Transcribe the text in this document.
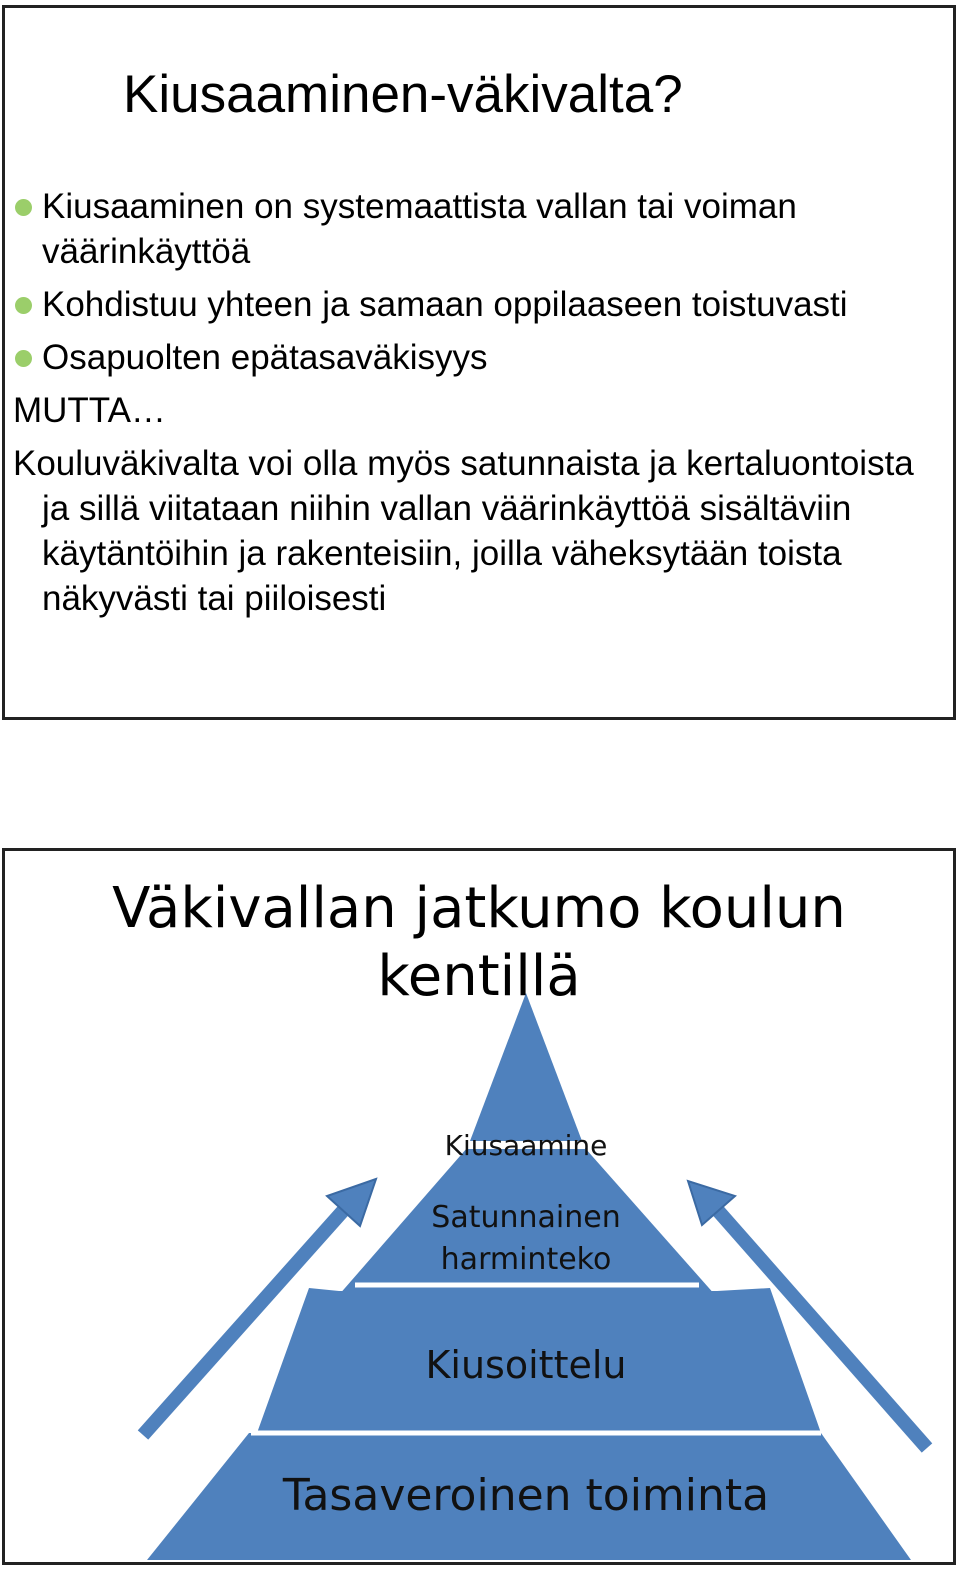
Kiusaaminen-väkivalta?
Kiusaaminen on systemaattista vallan tai voiman väärinkäyttöä
Kohdistuu yhteen ja samaan oppilaaseen toistuvasti
Osapuolten epätasaväkisyys
MUTTA…
Kouluväkivalta voi olla myös satunnaista ja kertaluontoista ja sillä viitataan niihin vallan väärinkäyttöä sisältäviin käytäntöihin ja rakenteisiin, joilla väheksytään toista näkyvästi tai piiloisesti
Kiusaamine
Satunnainen
harminteko
Kiusoittelu
Tasaveroinen toiminta
Väkivallan jatkumo koulun kentillä
